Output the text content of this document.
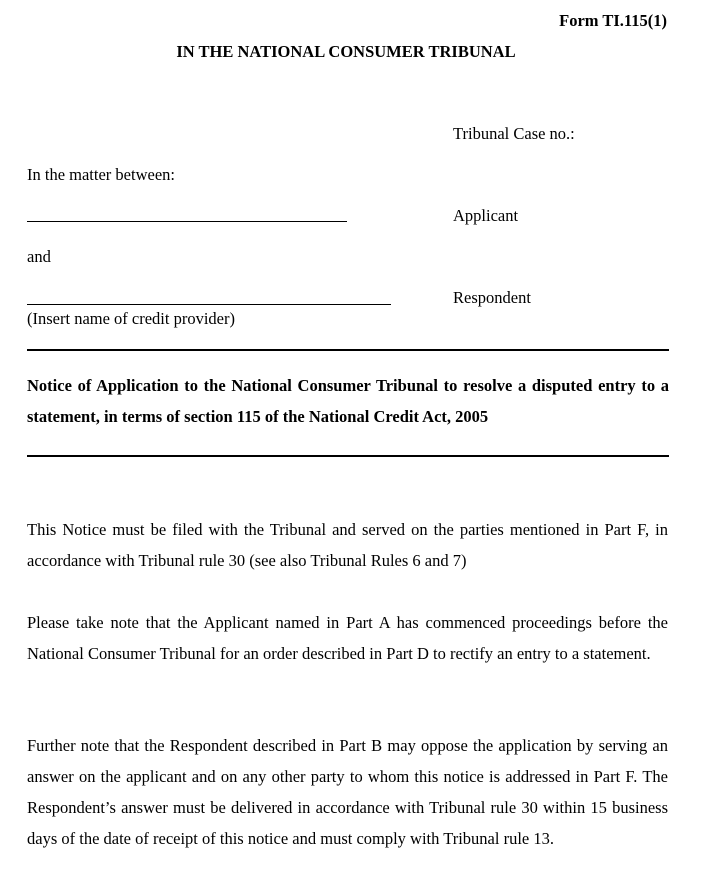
Form TI.115(1)
IN THE NATIONAL CONSUMER TRIBUNAL
Tribunal Case no.:
In the matter between:
Applicant
and
Respondent
(Insert name of credit provider)
Notice of Application to the National Consumer Tribunal to resolve a disputed entry to a statement, in terms of section 115 of the National Credit Act, 2005
This Notice must be filed with the Tribunal and served on the parties mentioned in Part F, in accordance with Tribunal rule 30 (see also Tribunal Rules 6 and 7)
Please take note that the Applicant named in Part A has commenced proceedings before the National Consumer Tribunal for an order described in Part D to rectify an entry to a statement.
Further note that the Respondent described in Part B may oppose the application by serving an answer on the applicant and on any other party to whom this notice is addressed in Part F. The Respondent’s answer must be delivered in accordance with Tribunal rule 30 within 15 business days of the date of receipt of this notice and must comply with Tribunal rule 13.
